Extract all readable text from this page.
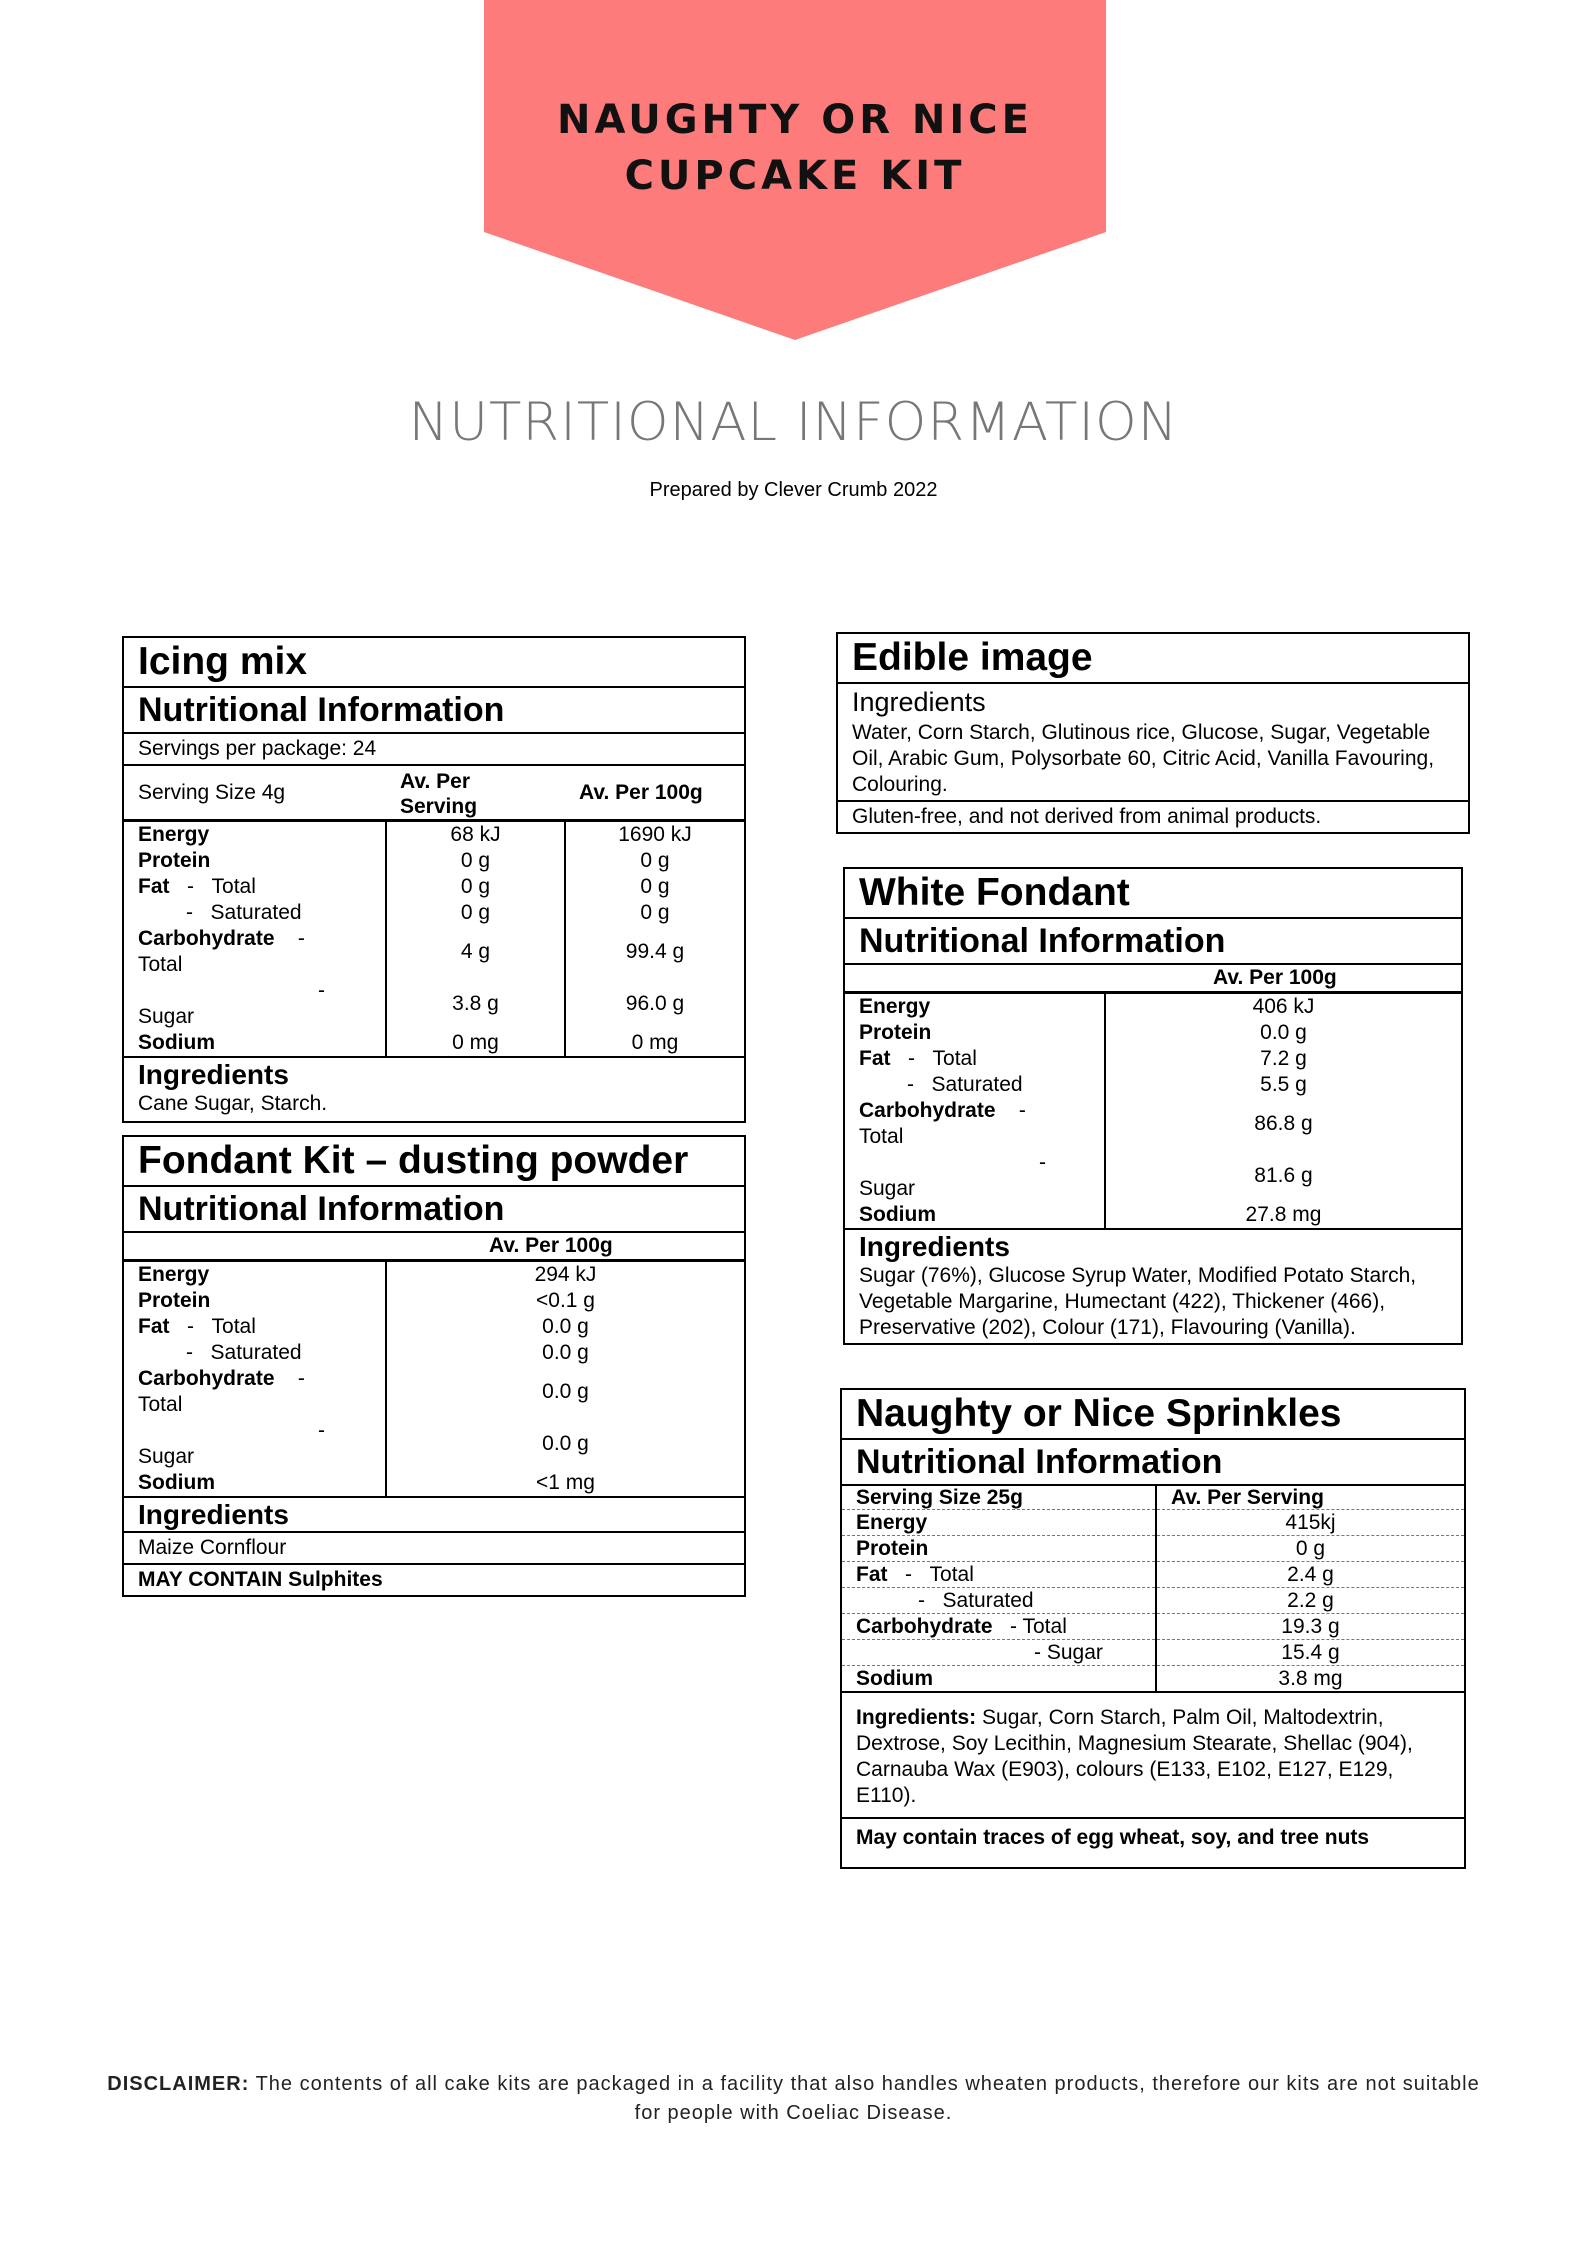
NAUGHTY OR NICE
CUPCAKE KIT
NUTRITIONAL INFORMATION
Prepared by Clever Crumb 2022
Icing mix
Nutritional Information
Servings per package: 24
Serving Size 4g	Av. Per Serving	Av. Per 100g
Energy	68 kJ	1690 kJ
Protein	0 g	0 g
Fat - Total	0 g	0 g
- Saturated	0 g	0 g
Carbohydrate -
Total	4 g	99.4 g

-
Sugar	3.8 g	96.0 g
Sodium	0 mg	0 mg
Ingredients
Cane Sugar, Starch.
Fondant Kit – dusting powder
Nutritional Information
	Av. Per 100g
Energy	294 kJ
Protein	<0.1 g
Fat - Total	0.0 g
- Saturated	0.0 g
Carbohydrate -
Total	0.0 g

-
Sugar	0.0 g
Sodium	<1 mg
Ingredients
Maize Cornflour
MAY CONTAIN Sulphites
Edible image
Ingredients
Water, Corn Starch, Glutinous rice, Glucose, Sugar, Vegetable Oil, Arabic Gum, Polysorbate 60, Citric Acid, Vanilla Favouring, Colouring.
Gluten-free, and not derived from animal products.
White Fondant
Nutritional Information
	Av. Per 100g
Energy	406 kJ
Protein	0.0 g
Fat - Total	7.2 g
- Saturated	5.5 g
Carbohydrate -
Total	86.8 g

-
Sugar	81.6 g
Sodium	27.8 mg
Ingredients
Sugar (76%), Glucose Syrup Water, Modified Potato Starch, Vegetable Margarine, Humectant (422), Thickener (466), Preservative (202), Colour (171), Flavouring (Vanilla).
Naughty or Nice Sprinkles
Nutritional Information
Serving Size 25g	Av. Per Serving
Energy	415kj
Protein	0 g
Fat - Total	2.4 g
- Saturated	2.2 g
Carbohydrate - Total	19.3 g
- Sugar	15.4 g
Sodium	3.8 mg
Ingredients: Sugar, Corn Starch, Palm Oil, Maltodextrin, Dextrose, Soy Lecithin, Magnesium Stearate, Shellac (904), Carnauba Wax (E903), colours (E133, E102, E127, E129, E110).
May contain traces of egg wheat, soy, and tree nuts
DISCLAIMER: The contents of all cake kits are packaged in a facility that also handles wheaten products, therefore our kits are not suitable for people with Coeliac Disease.
